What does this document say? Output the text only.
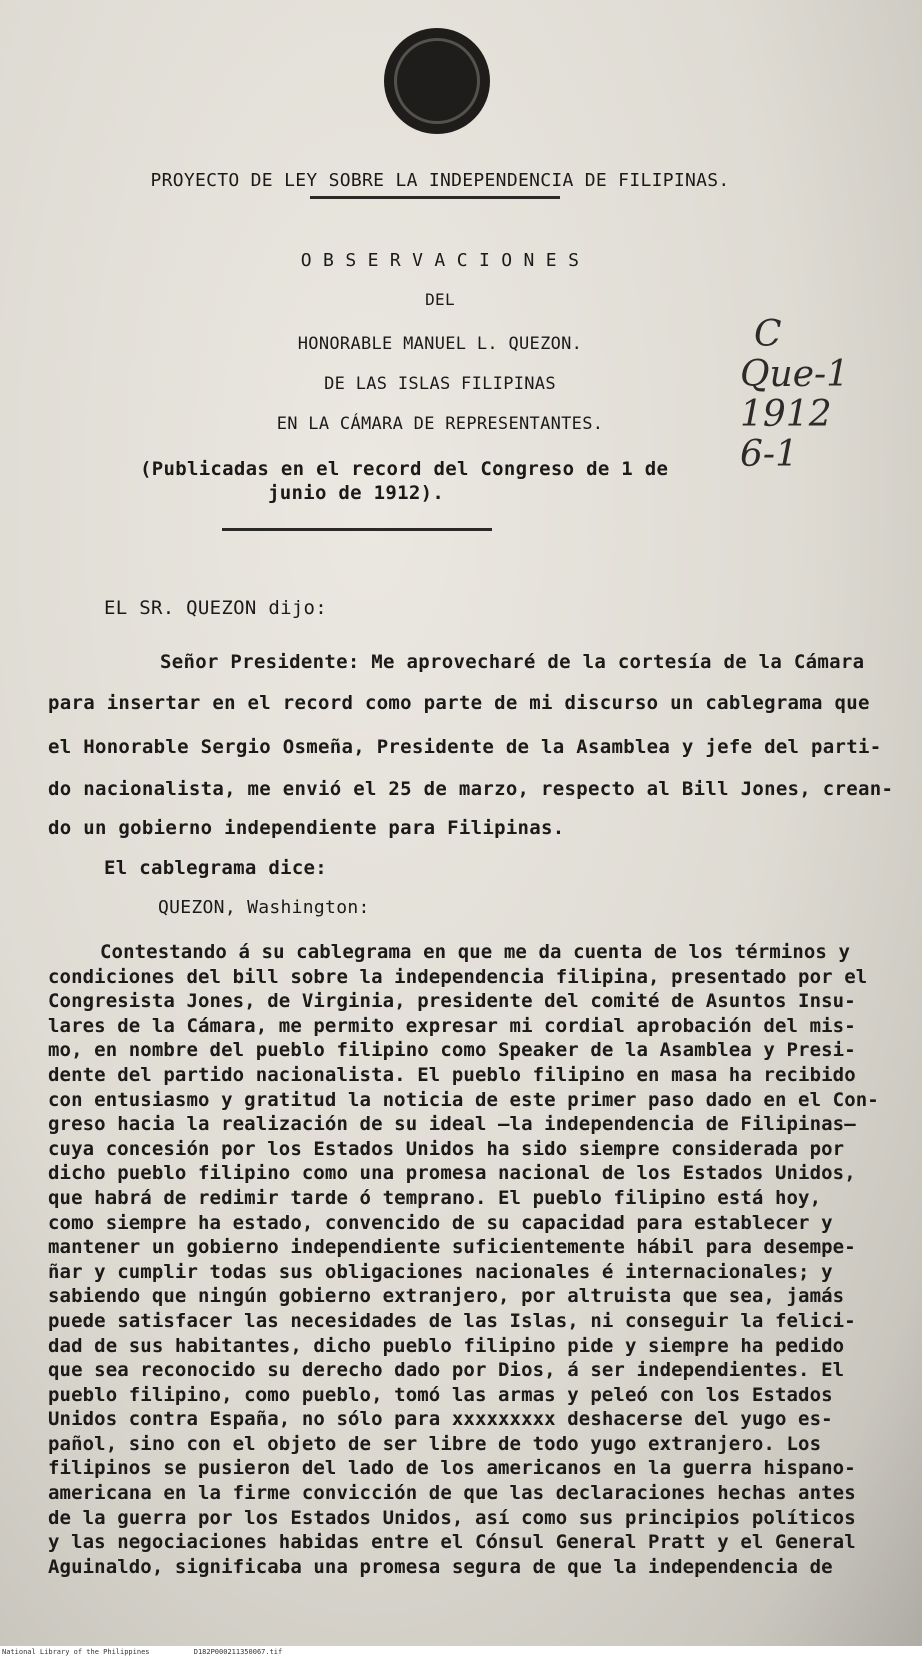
PROYECTO DE LEY SOBRE LA INDEPENDENCIA DE FILIPINAS.
O B S E R V A C I O N E S
DEL
HONORABLE MANUEL L. QUEZON.
DE LAS ISLAS FILIPINAS
EN LA CÁMARA DE REPRESENTANTES.
(Publicadas en el record del Congreso de 1 de
junio de 1912).
C
Que-1
1912
6-1
EL SR. QUEZON dijo:
Señor Presidente: Me aprovecharé de la cortesía de la Cámara
para insertar en el record como parte de mi discurso un cablegrama que
el Honorable Sergio Osmeña, Presidente de la Asamblea y jefe del parti-
do nacionalista, me envió el 25 de marzo, respecto al Bill Jones, crean-
do un gobierno independiente para Filipinas.
El cablegrama dice:
QUEZON, Washington:
Contestando á su cablegrama en que me da cuenta de los términos y
condiciones del bill sobre la independencia filipina, presentado por el
Congresista Jones, de Virginia, presidente del comité de Asuntos Insu-
lares de la Cámara, me permito expresar mi cordial aprobación del mis-
mo, en nombre del pueblo filipino como Speaker de la Asamblea y Presi-
dente del partido nacionalista. El pueblo filipino en masa ha recibido
con entusiasmo y gratitud la noticia de este primer paso dado en el Con-
greso hacia la realización de su ideal —la independencia de Filipinas—
cuya concesión por los Estados Unidos ha sido siempre considerada por
dicho pueblo filipino como una promesa nacional de los Estados Unidos,
que habrá de redimir tarde ó temprano. El pueblo filipino está hoy,
como siempre ha estado, convencido de su capacidad para establecer y
mantener un gobierno independiente suficientemente hábil para desempe-
ñar y cumplir todas sus obligaciones nacionales é internacionales; y
sabiendo que ningún gobierno extranjero, por altruista que sea, jamás
puede satisfacer las necesidades de las Islas, ni conseguir la felici-
dad de sus habitantes, dicho pueblo filipino pide y siempre ha pedido
que sea reconocido su derecho dado por Dios, á ser independientes. El
pueblo filipino, como pueblo, tomó las armas y peleó con los Estados
Unidos contra España, no sólo para xxxxxxxxx deshacerse del yugo es-
pañol, sino con el objeto de ser libre de todo yugo extranjero. Los
filipinos se pusieron del lado de los americanos en la guerra hispano-
americana en la firme convicción de que las declaraciones hechas antes
de la guerra por los Estados Unidos, así como sus principios políticos
y las negociaciones habidas entre el Cónsul General Pratt y el General
Aguinaldo, significaba una promesa segura de que la independencia de
National Library of the Philippines	D182P000211350067.tif
